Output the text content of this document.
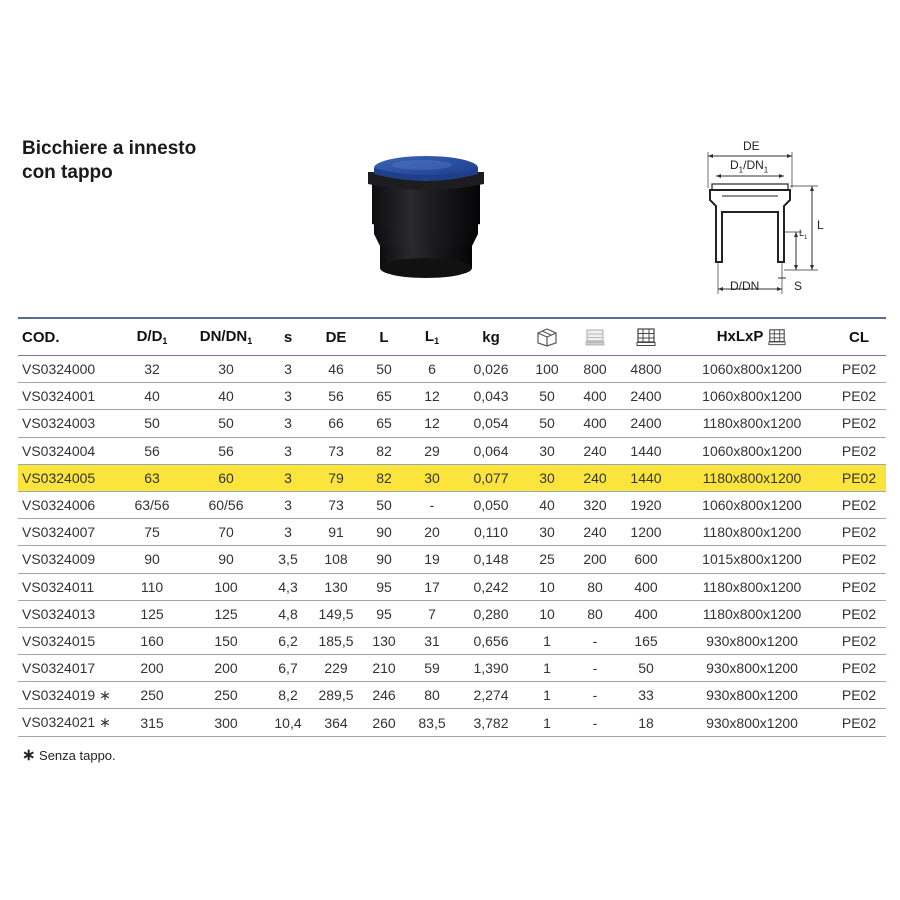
Bicchiere a innesto
con tappo
DE
$D_1/DN_1$
L
$L_1$
D/DN	S
COD.	$D/D_1$	$DN/DN_1$	s	DE	L	$L_1$	kg				HxLxP	CL
VS0324000	32	30	3	46	50	6	0,026	100	800	4800	1060x800x1200	PE02
VS0324001	40	40	3	56	65	12	0,043	50	400	2400	1060x800x1200	PE02
VS0324003	50	50	3	66	65	12	0,054	50	400	2400	1180x800x1200	PE02
VS0324004	56	56	3	73	82	29	0,064	30	240	1440	1060x800x1200	PE02
VS0324005	63	60	3	79	82	30	0,077	30	240	1440	1180x800x1200	PE02
VS0324006	63/56	60/56	3	73	50	-	0,050	40	320	1920	1060x800x1200	PE02
VS0324007	75	70	3	91	90	20	0,110	30	240	1200	1180x800x1200	PE02
VS0324009	90	90	3,5	108	90	19	0,148	25	200	600	1015x800x1200	PE02
VS0324011	110	100	4,3	130	95	17	0,242	10	80	400	1180x800x1200	PE02
VS0324013	125	125	4,8	149,5	95	7	0,280	10	80	400	1180x800x1200	PE02
VS0324015	160	150	6,2	185,5	130	31	0,656	1	-	165	930x800x1200	PE02
VS0324017	200	200	6,7	229	210	59	1,390	1	-	50	930x800x1200	PE02
VS0324019 ∗	250	250	8,2	289,5	246	80	2,274	1	-	33	930x800x1200	PE02
VS0324021 ∗	315	300	10,4	364	260	83,5	3,782	1	-	18	930x800x1200	PE02
∗ Senza tappo.
